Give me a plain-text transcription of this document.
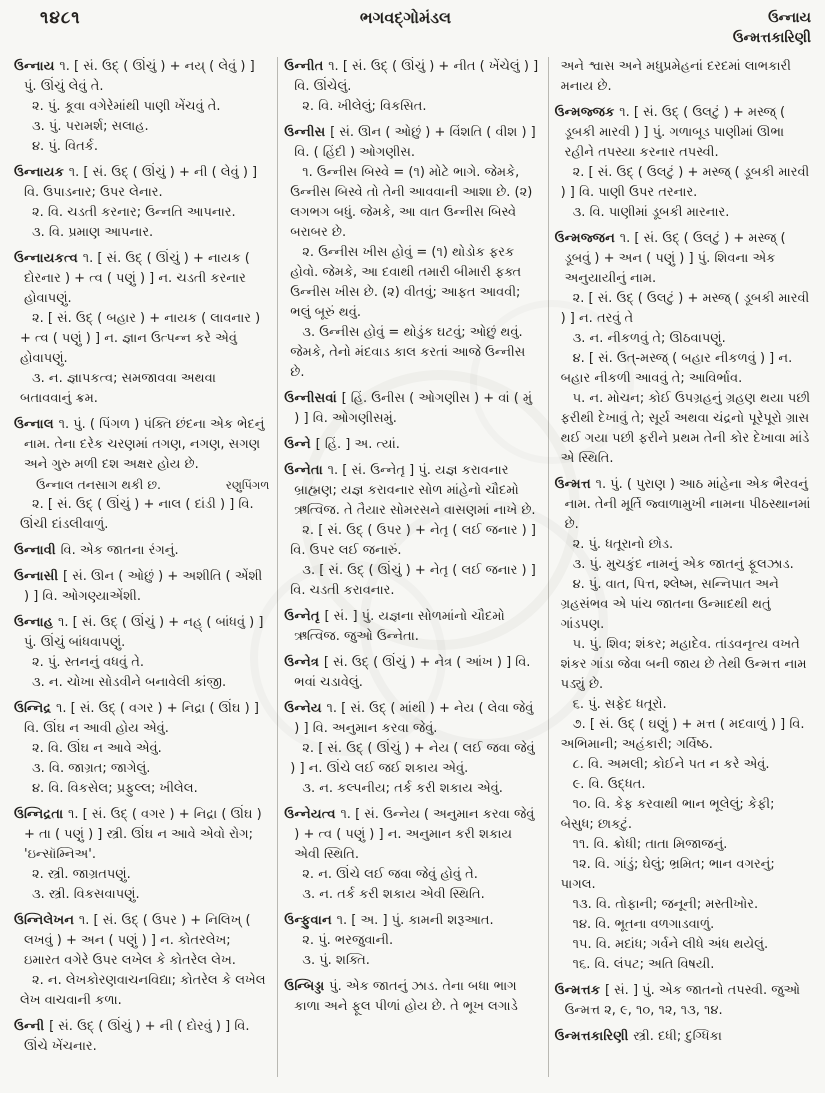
૧૪૮૧	ભગવદ્ગોમંડલ	ઉન્નાય
ઉન્મત્તકારિણી

ઉન્નાય ૧. [ સં. ઉદ્ ( ઊંચું ) + નય્ ( લેવું ) ] પું. ઊંચું લેવું તે.

૨. પું. કૂવા વગેરેમાંથી પાણી ખેંચવું તે.

૩. પું. પરામર્શ; સલાહ.

૪. પું. વિતર્ક.

ઉન્નાયક ૧. [ સં. ઉદ્ ( ઊંચું ) + ની ( લેવું ) ] વિ. ઉપાડનાર; ઉપર લેનાર.

૨. વિ. ચડતી કરનાર; ઉન્નતિ આપનાર.

૩. વિ. પ્રમાણ આપનાર.

ઉન્નાયકત્વ ૧. [ સં. ઉદ્ ( ઊંચું ) + નાયક ( દોરનાર ) + ત્વ ( પણું ) ] ન. ચડતી કરનાર હોવાપણું.

૨. [ સં. ઉદ્ ( બહાર ) + નાયક ( લાવનાર ) + ત્વ ( પણું ) ] ન. જ્ઞાન ઉત્પન્ન કરે એવું હોવાપણું.

૩. ન. જ્ઞાપકત્વ; સમજાવવા અથવા બતાવવાનું ક્રમ.

ઉન્નાલ ૧. પું. ( પિંગળ ) પંક્તિ છંદના એક ભેદનું નામ. તેના દરેક ચરણમાં તગણ, નગણ, સગણ અને ગુરુ મળી દશ અક્ષર હોય છે.

ઉન્નાલ તનસાગ થકી છ.	રણુપિંગળ

૨. [ સં. ઉદ્ ( ઊંચું ) + નાલ ( દાંડી ) ] વિ. ઊંચી દાંડલીવાળું.

ઉન્નાવી વિ. એક જાતના રંગનું.

ઉન્નાસી [ સં. ઊન ( ઓછું ) + અશીતિ ( એંશી ) ] વિ. ઓગણ્યાએંશી.

ઉન્નાહ ૧. [ સં. ઉદ્ ( ઊંચું ) + નહ્ ( બાંધવું ) ] પું. ઊંચું બાંધવાપણું.

૨. પું. સ્તનનું વધવું તે.

૩. ન. ચોખા સોડવીને બનાવેલી કાંજી.

ઉન્નિદ્ર ૧. [ સં. ઉદ્ ( વગર ) + નિદ્રા ( ઊંઘ ) ] વિ. ઊંઘ ન આવી હોય એવું.

૨. વિ. ઊંઘ ન આવે એવું.

૩. વિ. જાગ્રત; જાગેલું.

૪. વિ. વિકસેલ; પ્રફુલ્લ; ખીલેલ.

ઉન્નિદ્રતા ૧. [ સં. ઉદ્ ( વગર ) + નિદ્રા ( ઊંઘ ) + તા ( પણું ) ] સ્ત્રી. ઊંઘ ન આવે એવો રોગ; 'ઇન્સૉમ્નિઅ'.

૨. સ્ત્રી. જાગ્રતપણું.

૩. સ્ત્રી. વિકસવાપણું.

ઉન્નિલેખન ૧. [ સં. ઉદ્ ( ઉપર ) + નિલિખ્ ( લખવું ) + અન ( પણું ) ] ન. કોતરલેખ; ઇમારત વગેરે ઉપર લખેલ કે કોતરેલ લેખ.

૨. ન. લેખકોરણવાચનવિદ્યા; કોતરેલ કે લખેલ લેખ વાચવાની કળા.

ઉન્ની [ સં. ઉદ્ ( ઊંચું ) + ની ( દોરવું ) ] વિ. ઊંચે ખેંચનાર.

ઉન્નીત ૧. [ સં. ઉદ્ ( ઊંચું ) + નીત ( ખેંચેલું ) ] વિ. ઊંચેલું.

૨. વિ. ખીલેલું; વિકસિત.

ઉન્નીસ [ સં. ઊન ( ઓછું ) + વિંશતિ ( વીશ ) ] વિ. ( હિંદી ) ઓગણીસ.

૧. ઉન્નીસ બિસ્વે = (૧) મોટે ભાગે. જેમકે, ઉન્નીસ બિસ્વે તો તેની આવવાની આશા છે. (૨) લગભગ બધું. જેમકે, આ વાત ઉન્નીસ બિસ્વે બરાબર છે.

૨. ઉન્નીસ ખીસ હોવું = (૧) થોડોક ફરક હોવો. જેમકે, આ દવાથી તમારી બીમારી ફક્ત ઉન્નીસ ખીસ છે. (૨) વીતવું; આફત આવવી; ભલું બૂરું થવું.

૩. ઉન્નીસ હોવું = થોડુંક ઘટવું; ઓછું થવું. જેમકે, તેનો મંદવાડ કાલ કરતાં આજે ઉન્નીસ છે.

ઉન્નીસવાં [ હિં. ઉનીસ ( ઓગણીસ ) + વાં ( મું ) ] વિ. ઓગણીસમું.

ઉન્ને [ હિં. ] અ. ત્યાં.

ઉન્નેતા ૧. [ સં. ઉન્નેતૃ ] પું. યજ્ઞ કરાવનાર બ્રાહ્મણ; યજ્ઞ કરાવનાર સોળ માંહેનો ચૌદમો ઋત્વિજ. તે તૈયાર સોમરસને વાસણમાં નાખે છે.

૨. [ સં. ઉદ્ ( ઉપર ) + નેતૃ ( લઈ જનાર ) ] વિ. ઉપર લઈ જનારું.

૩. [ સં. ઉદ્ ( ઊંચું ) + નેતૃ ( લઈ જનાર ) ] વિ. ચડતી કરાવનાર.

ઉન્નેતૃ [ સં. ] પું. યજ્ઞના સોળમાંનો ચૌદમો ઋત્વિજ. જુઓ ઉન્નેતા.

ઉન્નેત્ર [ સં. ઉદ્ ( ઊંચું ) + નેત્ર ( આંખ ) ] વિ. ભવાં ચડાવેલું.

ઉન્નેય ૧. [ સં. ઉદ્ ( માંથી ) + નેય ( લેવા જેવું ) ] વિ. અનુમાન કરવા જેવું.

૨. [ સં. ઉદ્ ( ઊંચું ) + નેય ( લઈ જવા જેવું ) ] ન. ઊંચે લઈ જઈ શકાય એવું.

૩. ન. કલ્પનીય; તર્ક કરી શકાય એવું.

ઉન્નેયત્વ ૧. [ સં. ઉન્નેય ( અનુમાન કરવા જેવું ) + ત્વ ( પણું ) ] ન. અનુમાન કરી શકાય એવી સ્થિતિ.

૨. ન. ઊંચે લઈ જવા જેવું હોવું તે.

૩. ન. તર્ક કરી શકાય એવી સ્થિતિ.

ઉન્ફુવાન ૧. [ અ. ] પું. કામની શરૂઆત.

૨. પું. ભરજુવાની.

૩. પું. શક્તિ.

ઉન્બિડ્ડા પું. એક જાતનું ઝાડ. તેના બધા ભાગ કાળા અને ફૂલ પીળાં હોય છે. તે ભૂખ લગાડે

અને શ્વાસ અને મધુપ્રમેહનાં દરદમાં લાભકારી મનાય છે.

ઉન્મજ્જક ૧. [ સં. ઉદ્ ( ઉલટું ) + મસ્જ્ ( ડૂબકી મારવી ) ] પું. ગળાબૂડ પાણીમાં ઊભા રહીને તપસ્યા કરનાર તપસ્વી.

૨. [ સં. ઉદ્ ( ઉલટું ) + મસ્જ્ ( ડૂબકી મારવી ) ] વિ. પાણી ઉપર તરનાર.

૩. વિ. પાણીમાં ડૂબકી મારનાર.

ઉન્મજ્જન ૧. [ સં. ઉદ્ ( ઉલટું ) + મસ્જ્ ( ડૂબવું ) + અન ( પણું ) ] પું. શિવના એક અનુયાયીનું નામ.

૨. [ સં. ઉદ્ ( ઉલટું ) + મસ્જ્ ( ડૂબકી મારવી ) ] ન. તરવું તે

૩. ન. નીકળવું તે; ઊઠવાપણું.

૪. [ સં. ઉત્-મસ્જ્ ( બહાર નીકળવું ) ] ન. બહાર નીકળી આવવું તે; આવિર્ભાવ.

૫. ન. મોચન; કોઈ ઉપગ્રહનું ગ્રહણ થયા પછી ફરીથી દેખાવું તે; સૂર્ય અથવા ચંદ્રનો પૂરેપૂરો ગ્રાસ થઈ ગયા પછી ફરીને પ્રથમ તેની કોર દેખાવા માંડે એ સ્થિતિ.

ઉન્મત્ત ૧. પું. ( પુરાણ ) આઠ માંહેના એક ભૈરવનું નામ. તેની મૂર્તિ જ્વાળામુખી નામના પીઠસ્થાનમાં છે.

૨. પું. ધતૂરાનો છોડ.

૩. પું. મુચકુંદ નામનું એક જાતનું ફૂલઝાડ.

૪. પું. વાત, પિત્ત, શ્લેષ્મ, સન્નિપાત અને ગ્રહસંભવ એ પાંચ જાતના ઉન્માદથી થતું ગાંડપણ.

૫. પું. શિવ; શંકર; મહાદેવ. તાંડવનૃત્ય વખતે શંકર ગાંડા જેવા બની જાય છે તેથી ઉન્મત્ત નામ પડ્યું છે.

૬. પું. સફેદ ધતૂરો.

૭. [ સં. ઉદ્ ( ઘણું ) + મત્ત ( મદવાળું ) ] વિ. અભિમાની; અહંકારી; ગર્વિષ્ઠ.

૮. વિ. અમલી; કોઈને પત ન કરે એવું.

૯. વિ. ઉદ્ધત.

૧૦. વિ. કેફ કરવાથી ભાન ભૂલેલું; કેફી; બેસુધ; છાકટું.

૧૧. વિ. ક્રોધી; તાતા મિજાજનું.

૧૨. વિ. ગાંડું; ઘેલું; ભ્રમિત; ભાન વગરનું; પાગલ.

૧૩. વિ. તોફાની; જનૂની; મસ્તીખોર.

૧૪. વિ. ભૂતના વળગાડવાળું.

૧૫. વિ. મદાંધ; ગર્વને લીધે અંધ થયેલું.

૧૬. વિ. લંપટ; અતિ વિષયી.

ઉન્મત્તક [ સં. ] પું. એક જાતનો તપસ્વી. જુઓ ઉન્મત્ત ૨, ૯, ૧૦, ૧૨, ૧૩, ૧૪.

ઉન્મત્તકારિણી સ્ત્રી. દધી; દુગ્ધિકા
